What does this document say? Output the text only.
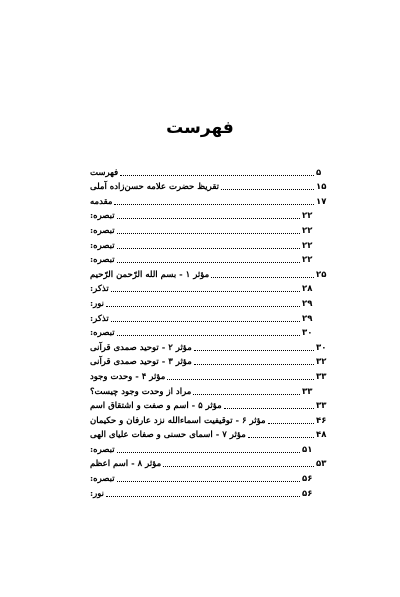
فهرست
فهرست	۵
تقریظ حضرت علامه حسن‌زاده آملی	۱۵
مقدمه	۱۷
تبصره:	۲۲
تبصره:	۲۲
تبصره:	۲۲
تبصره:	۲۲
مؤثر ۱ - بسم الله الرّحمن الرّحیم	۲۵
تذکر:	۲۸
نور:	۲۹
تذکر:	۲۹
تبصره:	۳۰
مؤثر ۲ - توحید صمدی قرآنی	۳۰
مؤثر ۳ - توحید صمدی قرآنی	۳۲
مؤثر ۴ - وحدت وجود	۳۳
مراد از وحدت وجود چیست؟	۳۳
مؤثر ۵ - اسم و صفت و اشتقاق اسم	۳۳
مؤثر ۶ - توقیفیت اسماءالله نزد عارفان و حکیمان	۴۶
مؤثر ۷ - اسمای حسنی و صفات علیای الهی	۴۸
تبصره:	۵۱
مؤثر ۸ - اسم اعظم	۵۳
تبصره:	۵۶
نور:	۵۶
